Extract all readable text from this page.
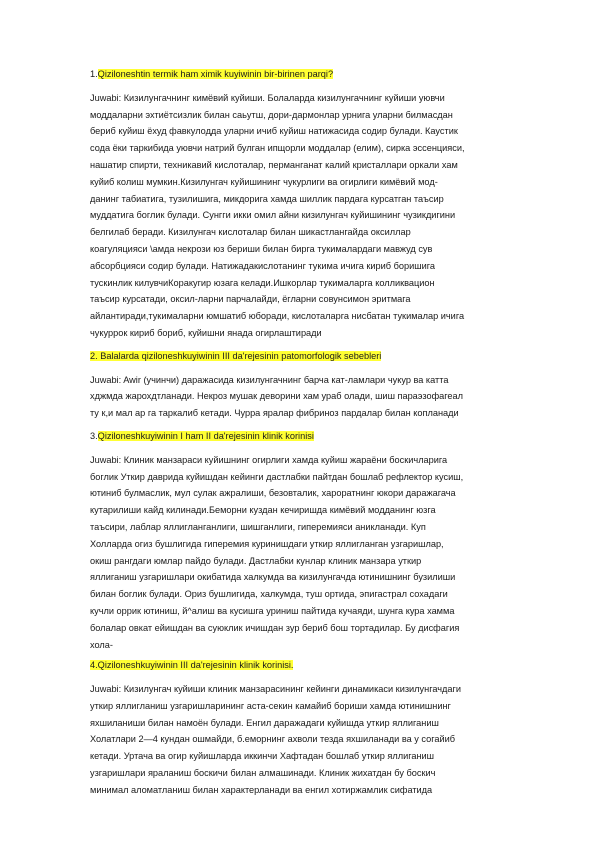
1.Qiziloneshtin termik ham ximik kuyiwinin bir-birinen parqi?

Juwabi: Кизилунгачнинг кимёвий куйиши. Болаларда кизилунгачнинг куйиши уювчи
моддаларни эхтиётсизлик билан саьутш, дори-дармонлар урнига уларни билмасдан
бериб куйиш ёхуд фавкулодда уларни ичиб куйиш натижасида содир булади. Каустик
сода ёки таркибида уювчи натрий булган ипщорли моддалар (елим), сирка эссенцияси,
нашатир спирти, техникавий кислоталар, перманганат калий кристаллари оркали хам
куйиб колиш мумкин.Кизилунгач куйишининг чукурлиги ва огирлиги кимёвий мод-
данинг табиатига, тузилишига, микдорига хамда шиллик пардага курсатган таъсир
муддатига боглик булади. Сунгги икки омил айни кизилунгач куйишининг чузикдигини
белгилаб беради. Кизилунгач кислоталар билан шикастлангайда оксиллар
коагуляцияси \амда некрози юз бериши билан бирга тукималардаги мавжуд сув
абсорбцияси содир булади. Натижадакислотанинг тукима ичига кириб боришига
тускинлик килувчиКоракугир юзага келади.Ишкорлар тукималарга колликвацион
таъсир курсатади, оксил-ларни парчалайди, ёгларни совунсимон эритмага
айлантиради,тукималарни юмшатиб юборади, кислоталарга нисбатан тукималар ичига
чукуррок кириб бориб, куйишни янада огирлаштиради

2. Balalarda qiziloneshkuyiwinin III da'rejesinin patomorfologik sebebleri

Juwabi: Awir (учинчи) даражасида кизилунгачнинг барча кат-ламлари чукур ва катта
хджмда жарохдтланади. Некроз мушак деворини хам ураб олади, шиш параэзофагеал
ту к,и мал ар га таркалиб кетади. Чурра яралар фибриноз пардалар билан копланади

3.Qiziloneshkuyiwinin I ham II da'rejesinin klinik korinisi

Juwabi: Клиник манзараси куйишнинг огирлиги хамда куйиш жараёни боскичларига
боглик Уткир даврида куйишдан кейинги дастлабки пайтдан бошлаб рефлектор кусиш,
ютиниб булмаслик, мул сулак ажралиши, безовталик, хароратнинг юкори даражагача
кутарилиши кайд килинади.Беморни куздан кечиришда кимёвий модданинг юзга
таъсири, лаблар яллигланганлиги, шишганлиги, гиперемияси аникланади. Куп
Холларда огиз бушлигида гиперемия куринишдаги уткир яллигланган узгаришлар,
окиш рангдаги юмлар пайдо булади. Дастлабки кунлар клиник манзара уткир
яллиганиш узгаришлари окибатида халкумда ва кизилунгачда ютинишнинг бузилиши
билан боглик булади. Ориз бушлигида, халкумда, туш ортида, эпигастрал сохадаги
кучли оррик ютиниш, й^алиш ва кусишга уриниш пайтида кучаяди, шунга кура хамма
болалар овкат ейишдан ва суюклик ичишдан зур бериб бош тортадилар. Бу дисфагия
хола-

4.Qiziloneshkuyiwinin III da'rejesinin klinik korinisi.

Juwabi: Кизилунгач куйиши клиник манзарасининг кейинги динамикаси кизилунгачдаги
уткир яллигланиш узгаришларининг аста-секин камайиб бориши хамда ютинишнинг
яхшиланиши билан намоён булади. Енгил даражадаги куйишда уткир яллиганиш
Холатлари 2—4 кундан ошмайди, б.еморнинг ахволи тезда яхшиланади ва у согайиб
кетади. Уртача ва огир куйишларда иккинчи Хафтадан бошлаб уткир яллиганиш
узгаришлари яраланиш боскичи билан алмашинади. Клиник жихатдан бу боскич
минимал аломатланиш билан характерланади ва енгил хотиржамлик сифатида
